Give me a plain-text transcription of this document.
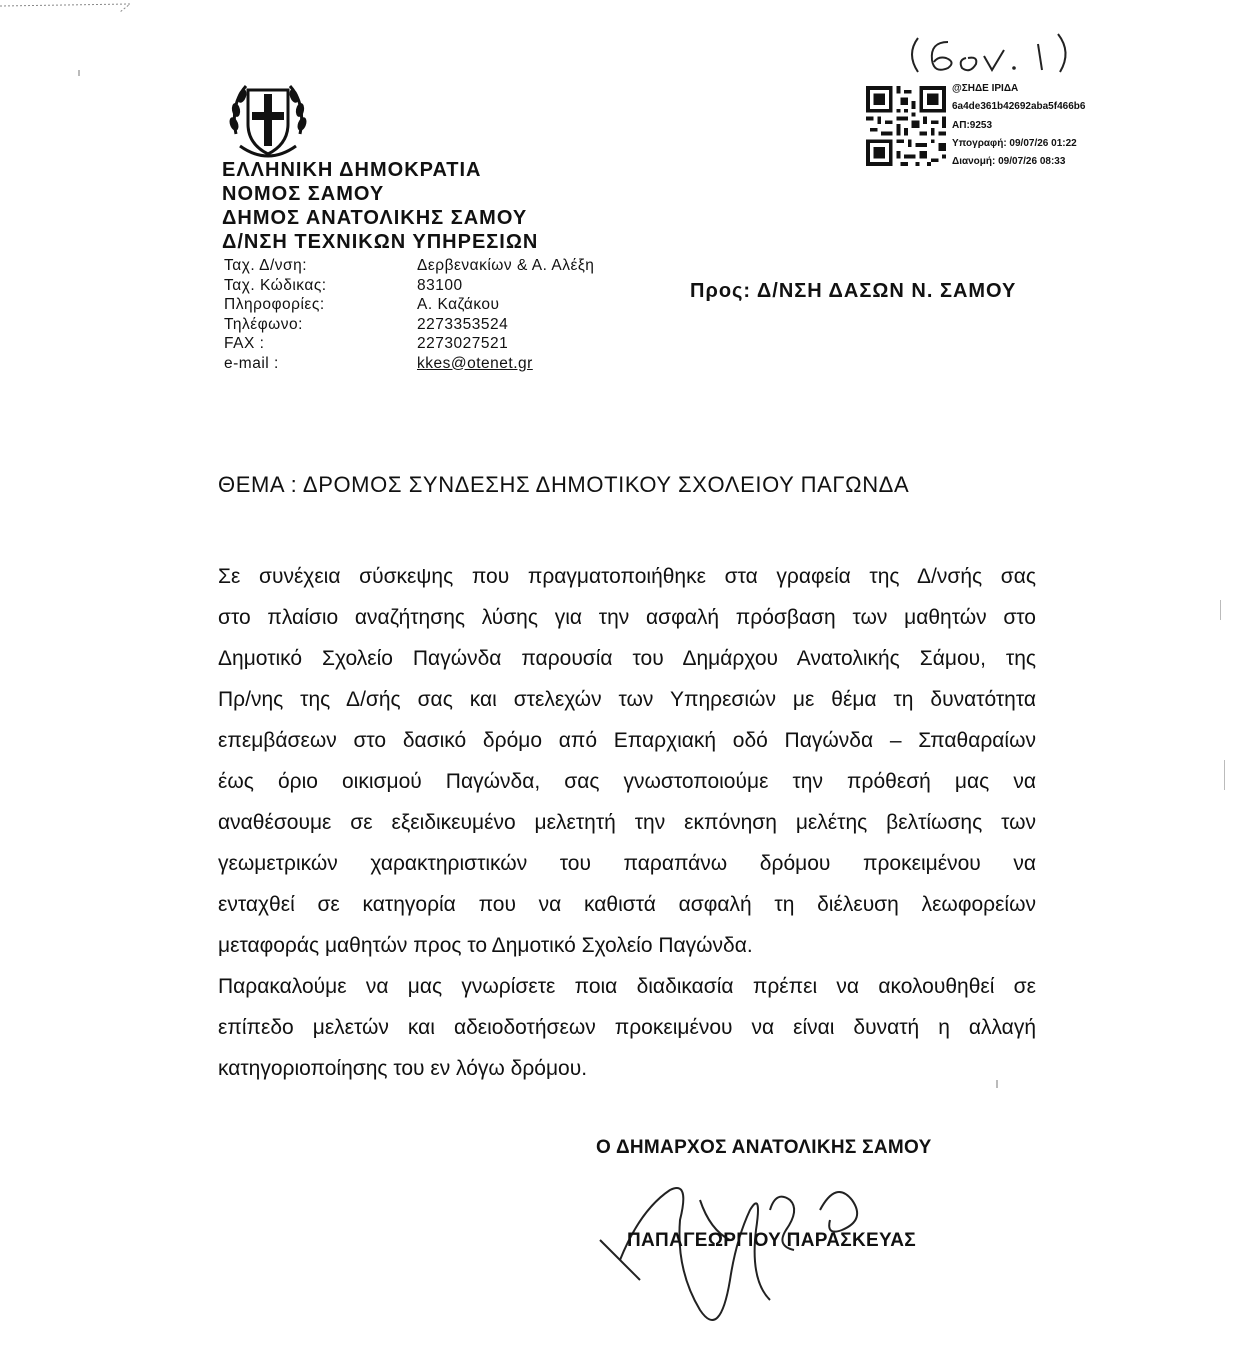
ΕΛΛΗΝΙΚΗ ΔΗΜΟΚΡΑΤΙΑ
ΝΟΜΟΣ ΣΑΜΟΥ
ΔΗΜΟΣ ΑΝΑΤΟΛΙΚΗΣ ΣΑΜΟΥ
Δ/ΝΣΗ ΤΕΧΝΙΚΩΝ ΥΠΗΡΕΣΙΩΝ
Ταχ. Δ/νση:	Δερβενακίων & Α. Αλέξη
Ταχ. Κώδικας:	83100
Πληροφορίες:	Α. Καζάκου
Τηλέφωνο:	2273353524
FAX :	2273027521
e-mail :	kkes@otenet.gr
Προς: Δ/ΝΣΗ ΔΑΣΩΝ Ν. ΣΑΜΟΥ
@ΣΗΔΕ ΙΡΙΔΑ
6a4de361b42692aba5f466b6
ΑΠ:9253
Υπογραφή: 09/07/26 01:22
Διανομή: 09/07/26 08:33
ΘΕΜΑ : ΔΡΟΜΟΣ ΣΥΝΔΕΣΗΣ ΔΗΜΟΤΙΚΟΥ ΣΧΟΛΕΙΟΥ ΠΑΓΩΝΔΑ

Σε συνέχεια σύσκεψης που πραγματοποιήθηκε στα γραφεία της Δ/νσής σας
στο πλαίσιο αναζήτησης λύσης για την ασφαλή πρόσβαση των μαθητών στο
Δημοτικό Σχολείο Παγώνδα παρουσία του Δημάρχου Ανατολικής Σάμου, της
Πρ/νης της Δ/σής σας και στελεχών των Υπηρεσιών με θέμα τη δυνατότητα
επεμβάσεων στο δασικό δρόμο από Επαρχιακή οδό Παγώνδα – Σπαθαραίων
έως όριο οικισμού Παγώνδα, σας γνωστοποιούμε την πρόθεσή μας να
αναθέσουμε σε εξειδικευμένο μελετητή την εκπόνηση μελέτης βελτίωσης των
γεωμετρικών χαρακτηριστικών του παραπάνω δρόμου προκειμένου να
ενταχθεί σε κατηγορία που να καθιστά ασφαλή τη διέλευση λεωφορείων
μεταφοράς μαθητών προς το Δημοτικό Σχολείο Παγώνδα.

Παρακαλούμε να μας γνωρίσετε ποια διαδικασία πρέπει να ακολουθηθεί σε
επίπεδο μελετών και αδειοδοτήσεων προκειμένου να είναι δυνατή η αλλαγή
κατηγοριοποίησης του εν λόγω δρόμου.

Ο ΔΗΜΑΡΧΟΣ ΑΝΑΤΟΛΙΚΗΣ ΣΑΜΟΥ
ΠΑΠΑΓΕΩΡΓΙΟΥ ΠΑΡΑΣΚΕΥΑΣ
